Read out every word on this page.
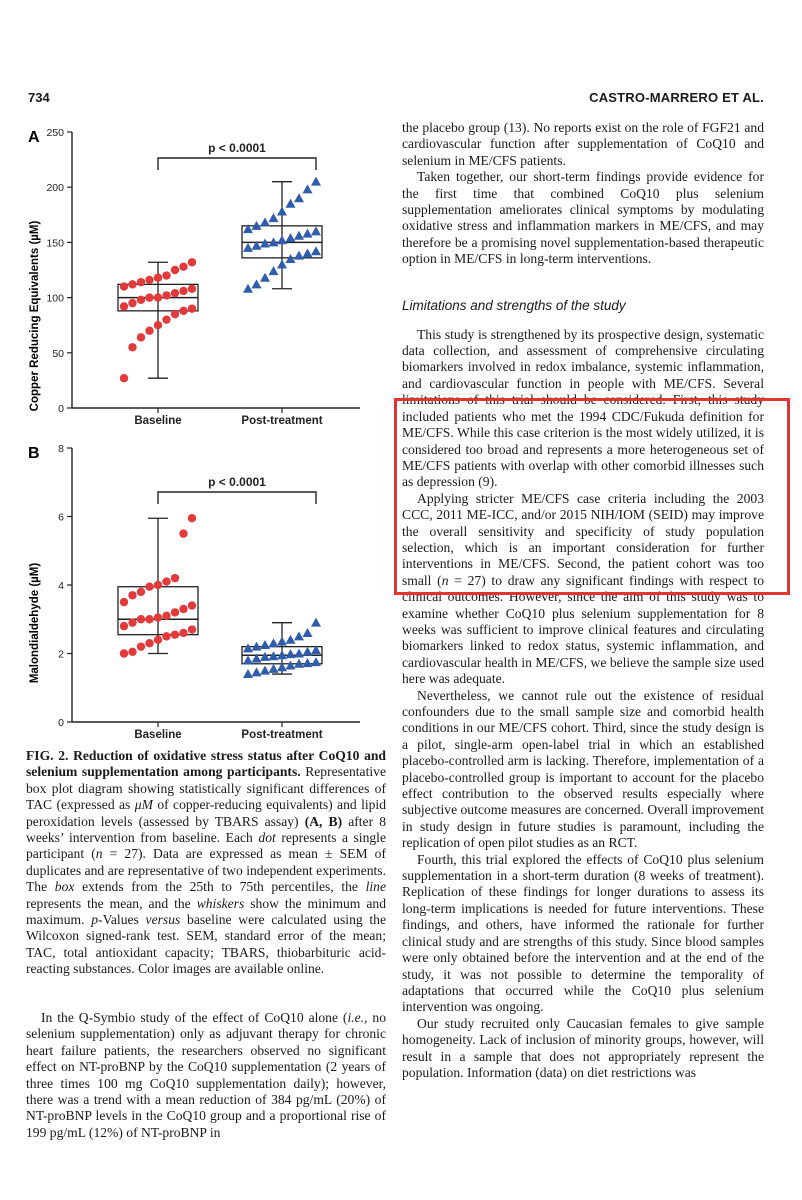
734	CASTRO-MARRERO ET AL.
A
B
Copper Reducing Equivalents (µM)
Malondialdehyde (µM)
0
50
100
150
200
250
Baseline	Post-treatment
p < 0.0001
0
2
4
6
8
Baseline	Post-treatment
p < 0.0001
FIG. 2. Reduction of oxidative stress status after CoQ10 and selenium supplementation among participants. Representative box plot diagram showing statistically significant differences of TAC (expressed as μM of copper-reducing equivalents) and lipid peroxidation levels (assessed by TBARS assay) (A, B) after 8 weeks’ intervention from baseline. Each dot represents a single participant (n = 27). Data are expressed as mean ± SEM of duplicates and are representative of two independent experiments. The box extends from the 25th to 75th percentiles, the line represents the mean, and the whiskers show the minimum and maximum. p-Values versus baseline were calculated using the Wilcoxon signed-rank test. SEM, standard error of the mean; TAC, total antioxidant capacity; TBARS, thiobarbituric acid-reacting substances. Color images are available online.

In the Q-Symbio study of the effect of CoQ10 alone (i.e., no selenium supplementation) only as adjuvant therapy for chronic heart failure patients, the researchers observed no significant effect on NT-proBNP by the CoQ10 supplementation (2 years of three times 100 mg CoQ10 supplementation daily); however, there was a trend with a mean reduction of 384 pg/mL (20%) of NT-proBNP levels in the CoQ10 group and a proportional rise of 199 pg/mL (12%) of NT-proBNP in

the placebo group (13). No reports exist on the role of FGF21 and cardiovascular function after supplementation of CoQ10 and selenium in ME/CFS patients.

Taken together, our short-term findings provide evidence for the first time that combined CoQ10 plus selenium supplementation ameliorates clinical symptoms by modulating oxidative stress and inflammation markers in ME/CFS, and may therefore be a promising novel supplementation-based therapeutic option in ME/CFS in long-term interventions.

Limitations and strengths of the study

This study is strengthened by its prospective design, systematic data collection, and assessment of comprehensive circulating biomarkers involved in redox imbalance, systemic inflammation, and cardiovascular function in people with ME/CFS. Several limitations of this trial should be considered. First, this study included patients who met the 1994 CDC/Fukuda definition for ME/CFS. While this case criterion is the most widely utilized, it is considered too broad and represents a more heterogeneous set of ME/CFS patients with overlap with other comorbid illnesses such as depression (9).

Applying stricter ME/CFS case criteria including the 2003 CCC, 2011 ME-ICC, and/or 2015 NIH/IOM (SEID) may improve the overall sensitivity and specificity of study population selection, which is an important consideration for further interventions in ME/CFS. Second, the patient cohort was too small (n = 27) to draw any significant findings with respect to clinical outcomes. However, since the aim of this study was to examine whether CoQ10 plus selenium supplementation for 8 weeks was sufficient to improve clinical features and circulating biomarkers linked to redox status, systemic inflammation, and cardiovascular health in ME/CFS, we believe the sample size used here was adequate.

Nevertheless, we cannot rule out the existence of residual confounders due to the small sample size and comorbid health conditions in our ME/CFS cohort. Third, since the study design is a pilot, single-arm open-label trial in which an established placebo-controlled arm is lacking. Therefore, implementation of a placebo-controlled group is important to account for the placebo effect contribution to the observed results especially where subjective outcome measures are concerned. Overall improvement in study design in future studies is paramount, including the replication of open pilot studies as an RCT.

Fourth, this trial explored the effects of CoQ10 plus selenium supplementation in a short-term duration (8 weeks of treatment). Replication of these findings for longer durations to assess its long-term implications is needed for future interventions. These findings, and others, have informed the rationale for further clinical study and are strengths of this study. Since blood samples were only obtained before the intervention and at the end of the study, it was not possible to determine the temporality of adaptations that occurred while the CoQ10 plus selenium intervention was ongoing.

Our study recruited only Caucasian females to give sample homogeneity. Lack of inclusion of minority groups, however, will result in a sample that does not appropriately represent the population. Information (data) on diet restrictions was
